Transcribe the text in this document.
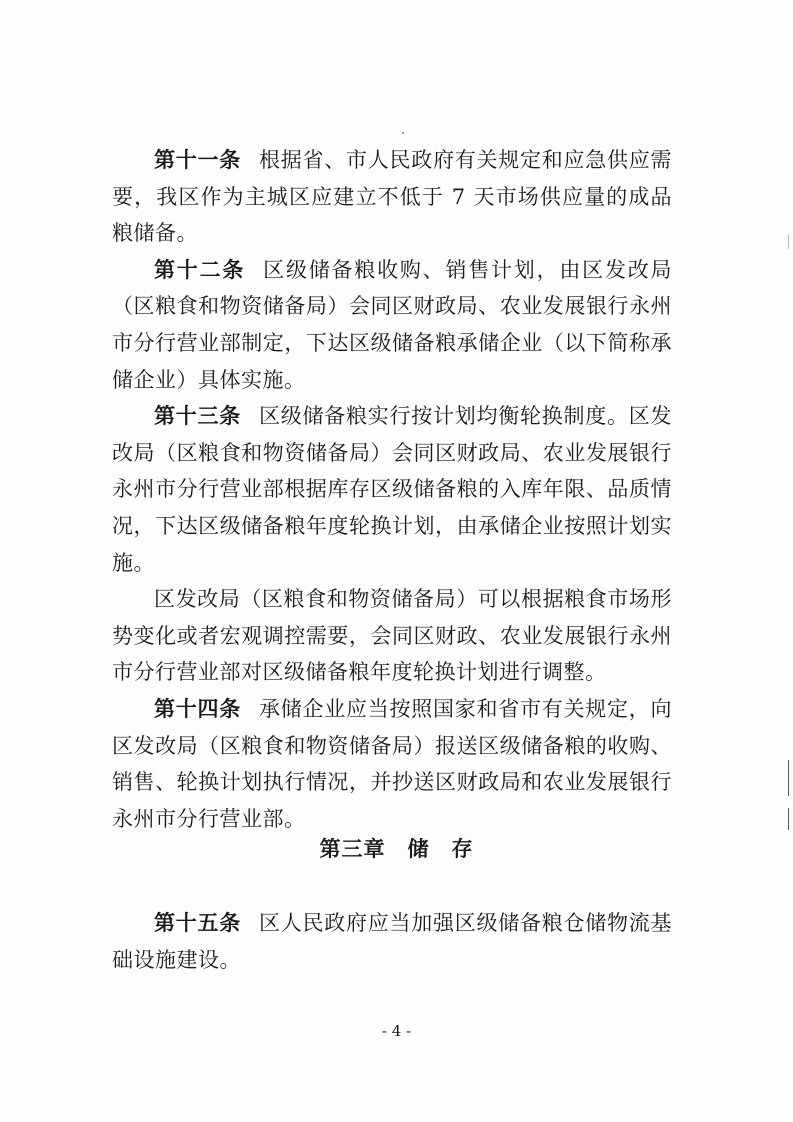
第十一条 根据省、市人民政府有关规定和应急供应需要，我区作为主城区应建立不低于 7 天市场供应量的成品粮储备。

第十二条 区级储备粮收购、销售计划，由区发改局（区粮食和物资储备局）会同区财政局、农业发展银行永州市分行营业部制定，下达区级储备粮承储企业（以下简称承储企业）具体实施。

第十三条 区级储备粮实行按计划均衡轮换制度。区发改局（区粮食和物资储备局）会同区财政局、农业发展银行永州市分行营业部根据库存区级储备粮的入库年限、品质情况，下达区级储备粮年度轮换计划，由承储企业按照计划实施。

区发改局（区粮食和物资储备局）可以根据粮食市场形势变化或者宏观调控需要，会同区财政、农业发展银行永州市分行营业部对区级储备粮年度轮换计划进行调整。

第十四条 承储企业应当按照国家和省市有关规定，向区发改局（区粮食和物资储备局）报送区级储备粮的收购、销售、轮换计划执行情况，并抄送区财政局和农业发展银行永州市分行营业部。

第三章 储　存

第十五条 区人民政府应当加强区级储备粮仓储物流基础设施建设。

- 4 -
